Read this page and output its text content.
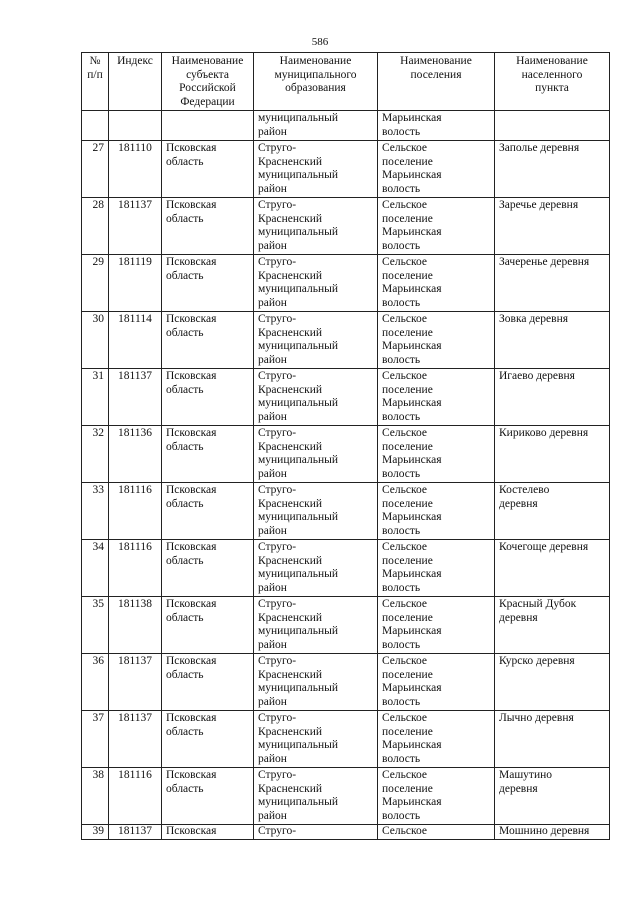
586
№
п/п	Индекс	Наименование
субъекта
Российской
Федерации	Наименование
муниципального
образования	Наименование
поселения	Наименование
населенного
пункта

			муниципальный
район	Марьинская
волость	

27	181110	Псковская
область	Струго-
Красненский
муниципальный
район	Сельское
поселение
Марьинская
волость	Заполье деревня

28	181137	Псковская
область	Струго-
Красненский
муниципальный
район	Сельское
поселение
Марьинская
волость	Заречье деревня

29	181119	Псковская
область	Струго-
Красненский
муниципальный
район	Сельское
поселение
Марьинская
волость	Зачеренье деревня

30	181114	Псковская
область	Струго-
Красненский
муниципальный
район	Сельское
поселение
Марьинская
волость	Зовка деревня

31	181137	Псковская
область	Струго-
Красненский
муниципальный
район	Сельское
поселение
Марьинская
волость	Игаево деревня

32	181136	Псковская
область	Струго-
Красненский
муниципальный
район	Сельское
поселение
Марьинская
волость	Кириково деревня

33	181116	Псковская
область	Струго-
Красненский
муниципальный
район	Сельское
поселение
Марьинская
волость	Костелево
деревня

34	181116	Псковская
область	Струго-
Красненский
муниципальный
район	Сельское
поселение
Марьинская
волость	Кочегоще деревня

35	181138	Псковская
область	Струго-
Красненский
муниципальный
район	Сельское
поселение
Марьинская
волость	Красный Дубок
деревня

36	181137	Псковская
область	Струго-
Красненский
муниципальный
район	Сельское
поселение
Марьинская
волость	Курско деревня

37	181137	Псковская
область	Струго-
Красненский
муниципальный
район	Сельское
поселение
Марьинская
волость	Лычно деревня

38	181116	Псковская
область	Струго-
Красненский
муниципальный
район	Сельское
поселение
Марьинская
волость	Машутино
деревня

39	181137	Псковская	Струго-	Сельское	Мошнино деревня
